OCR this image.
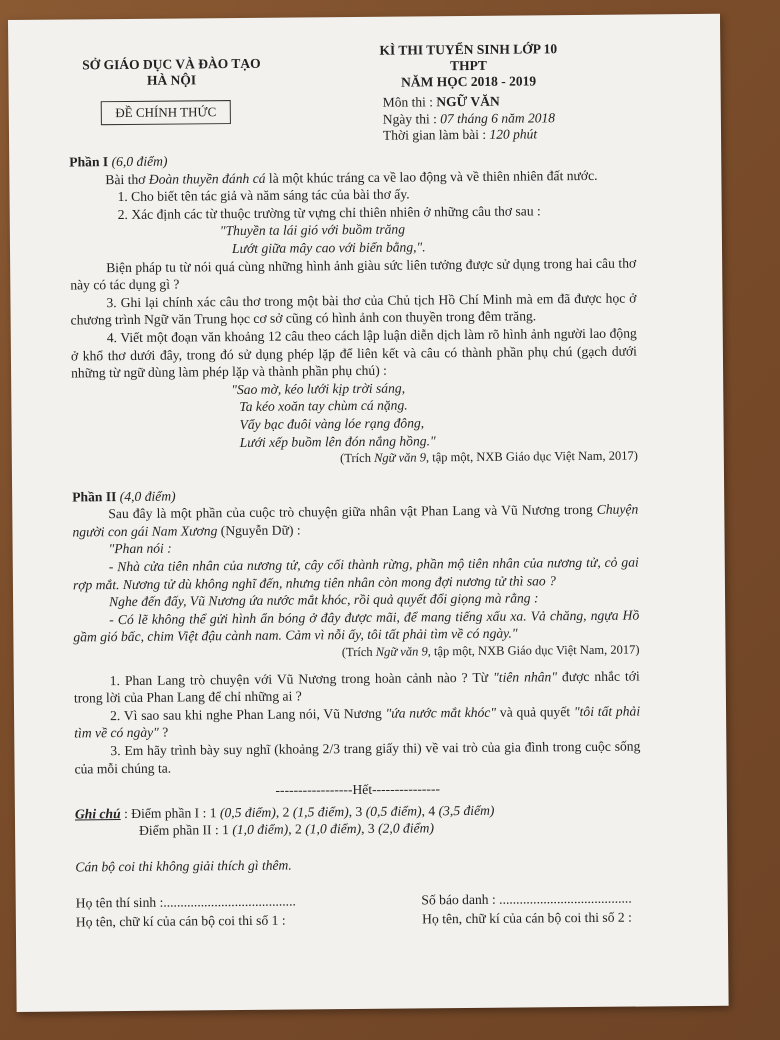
SỞ GIÁO DỤC VÀ ĐÀO TẠO
HÀ NỘI
KÌ THI TUYỂN SINH LỚP 10 THPT
NĂM HỌC 2018 - 2019
ĐỀ CHÍNH THỨC
Môn thi : NGỮ VĂN
Ngày thi : 07 tháng 6 năm 2018
Thời gian làm bài : 120 phút

Phần I (6,0 điểm)

Bài thơ Đoàn thuyền đánh cá là một khúc tráng ca về lao động và về thiên nhiên đất nước.

1. Cho biết tên tác giả và năm sáng tác của bài thơ ấy.

2. Xác định các từ thuộc trường từ vựng chỉ thiên nhiên ở những câu thơ sau :

"Thuyền ta lái gió với buồm trăng

Lướt giữa mây cao với biển bằng,".

Biện pháp tu từ nói quá cùng những hình ảnh giàu sức liên tưởng được sử dụng trong hai câu thơ này có tác dụng gì ?

3. Ghi lại chính xác câu thơ trong một bài thơ của Chủ tịch Hồ Chí Minh mà em đã được học ở chương trình Ngữ văn Trung học cơ sở cũng có hình ảnh con thuyền trong đêm trăng.

4. Viết một đoạn văn khoảng 12 câu theo cách lập luận diễn dịch làm rõ hình ảnh người lao động ở khổ thơ dưới đây, trong đó sử dụng phép lặp để liên kết và câu có thành phần phụ chú (gạch dưới những từ ngữ dùng làm phép lặp và thành phần phụ chú) :

"Sao mờ, kéo lưới kịp trời sáng,

Ta kéo xoăn tay chùm cá nặng.

Vẩy bạc đuôi vàng lóe rạng đông,

Lưới xếp buồm lên đón nắng hồng."

(Trích Ngữ văn 9, tập một, NXB Giáo dục Việt Nam, 2017)

Phần II (4,0 điểm)

Sau đây là một phần của cuộc trò chuyện giữa nhân vật Phan Lang và Vũ Nương trong Chuyện người con gái Nam Xương (Nguyễn Dữ) :

"Phan nói :

- Nhà cửa tiên nhân của nương tử, cây cối thành rừng, phần mộ tiên nhân của nương tử, cỏ gai rợp mắt. Nương tử dù không nghĩ đến, nhưng tiên nhân còn mong đợi nương tử thì sao ?

Nghe đến đấy, Vũ Nương ứa nước mắt khóc, rồi quả quyết đổi giọng mà rằng :

- Có lẽ không thể gửi hình ẩn bóng ở đây được mãi, để mang tiếng xấu xa. Vả chăng, ngựa Hồ gầm gió bấc, chim Việt đậu cành nam. Cảm vì nỗi ấy, tôi tất phải tìm về có ngày."

(Trích Ngữ văn 9, tập một, NXB Giáo dục Việt Nam, 2017)

1. Phan Lang trò chuyện với Vũ Nương trong hoàn cảnh nào ? Từ "tiên nhân" được nhắc tới trong lời của Phan Lang để chỉ những ai ?

2. Vì sao sau khi nghe Phan Lang nói, Vũ Nương "ứa nước mắt khóc" và quả quyết "tôi tất phải tìm về có ngày" ?

3. Em hãy trình bày suy nghĩ (khoảng 2/3 trang giấy thi) về vai trò của gia đình trong cuộc sống của mỗi chúng ta.

-----------------Hết---------------

Ghi chú : Điểm phần I : 1 (0,5 điểm), 2 (1,5 điểm), 3 (0,5 điểm), 4 (3,5 điểm)

Điểm phần II : 1 (1,0 điểm), 2 (1,0 điểm), 3 (2,0 điểm)

Cán bộ coi thi không giải thích gì thêm.

Họ tên thí sinh :.......................................	Số báo danh : .......................................
Họ tên, chữ kí của cán bộ coi thi số 1 :	Họ tên, chữ kí của cán bộ coi thi số 2 :
